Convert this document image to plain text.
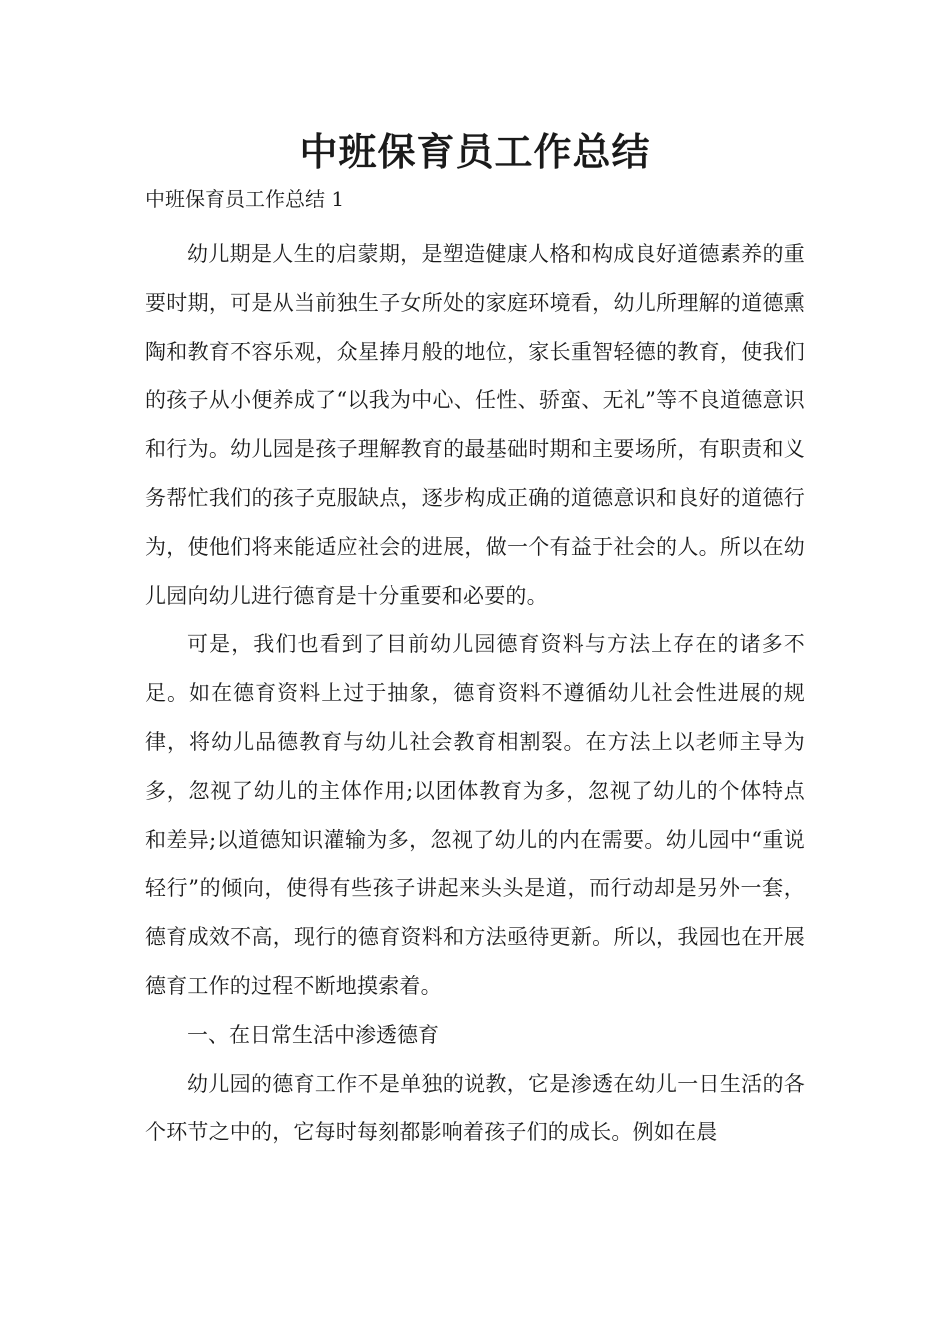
中班保育员工作总结

中班保育员工作总结 1

幼儿期是人生的启蒙期，是塑造健康人格和构成良好道德素养的重要时期，可是从当前独生子女所处的家庭环境看，幼儿所理解的道德熏陶和教育不容乐观，众星捧月般的地位，家长重智轻德的教育，使我们的孩子从小便养成了“以我为中心、任性、骄蛮、无礼”等不良道德意识和行为。幼儿园是孩子理解教育的最基础时期和主要场所，有职责和义务帮忙我们的孩子克服缺点，逐步构成正确的道德意识和良好的道德行为，使他们将来能适应社会的进展，做一个有益于社会的人。所以在幼儿园向幼儿进行德育是十分重要和必要的。

可是，我们也看到了目前幼儿园德育资料与方法上存在的诸多不足。如在德育资料上过于抽象，德育资料不遵循幼儿社会性进展的规律，将幼儿品德教育与幼儿社会教育相割裂。在方法上以老师主导为多，忽视了幼儿的主体作用;以团体教育为多，忽视了幼儿的个体特点和差异;以道德知识灌输为多，忽视了幼儿的内在需要。幼儿园中“重说轻行”的倾向，使得有些孩子讲起来头头是道，而行动却是另外一套，德育成效不高，现行的德育资料和方法亟待更新。所以，我园也在开展德育工作的过程不断地摸索着。

一、在日常生活中渗透德育

幼儿园的德育工作不是单独的说教，它是渗透在幼儿一日生活的各个环节之中的，它每时每刻都影响着孩子们的成长。例如在晨
